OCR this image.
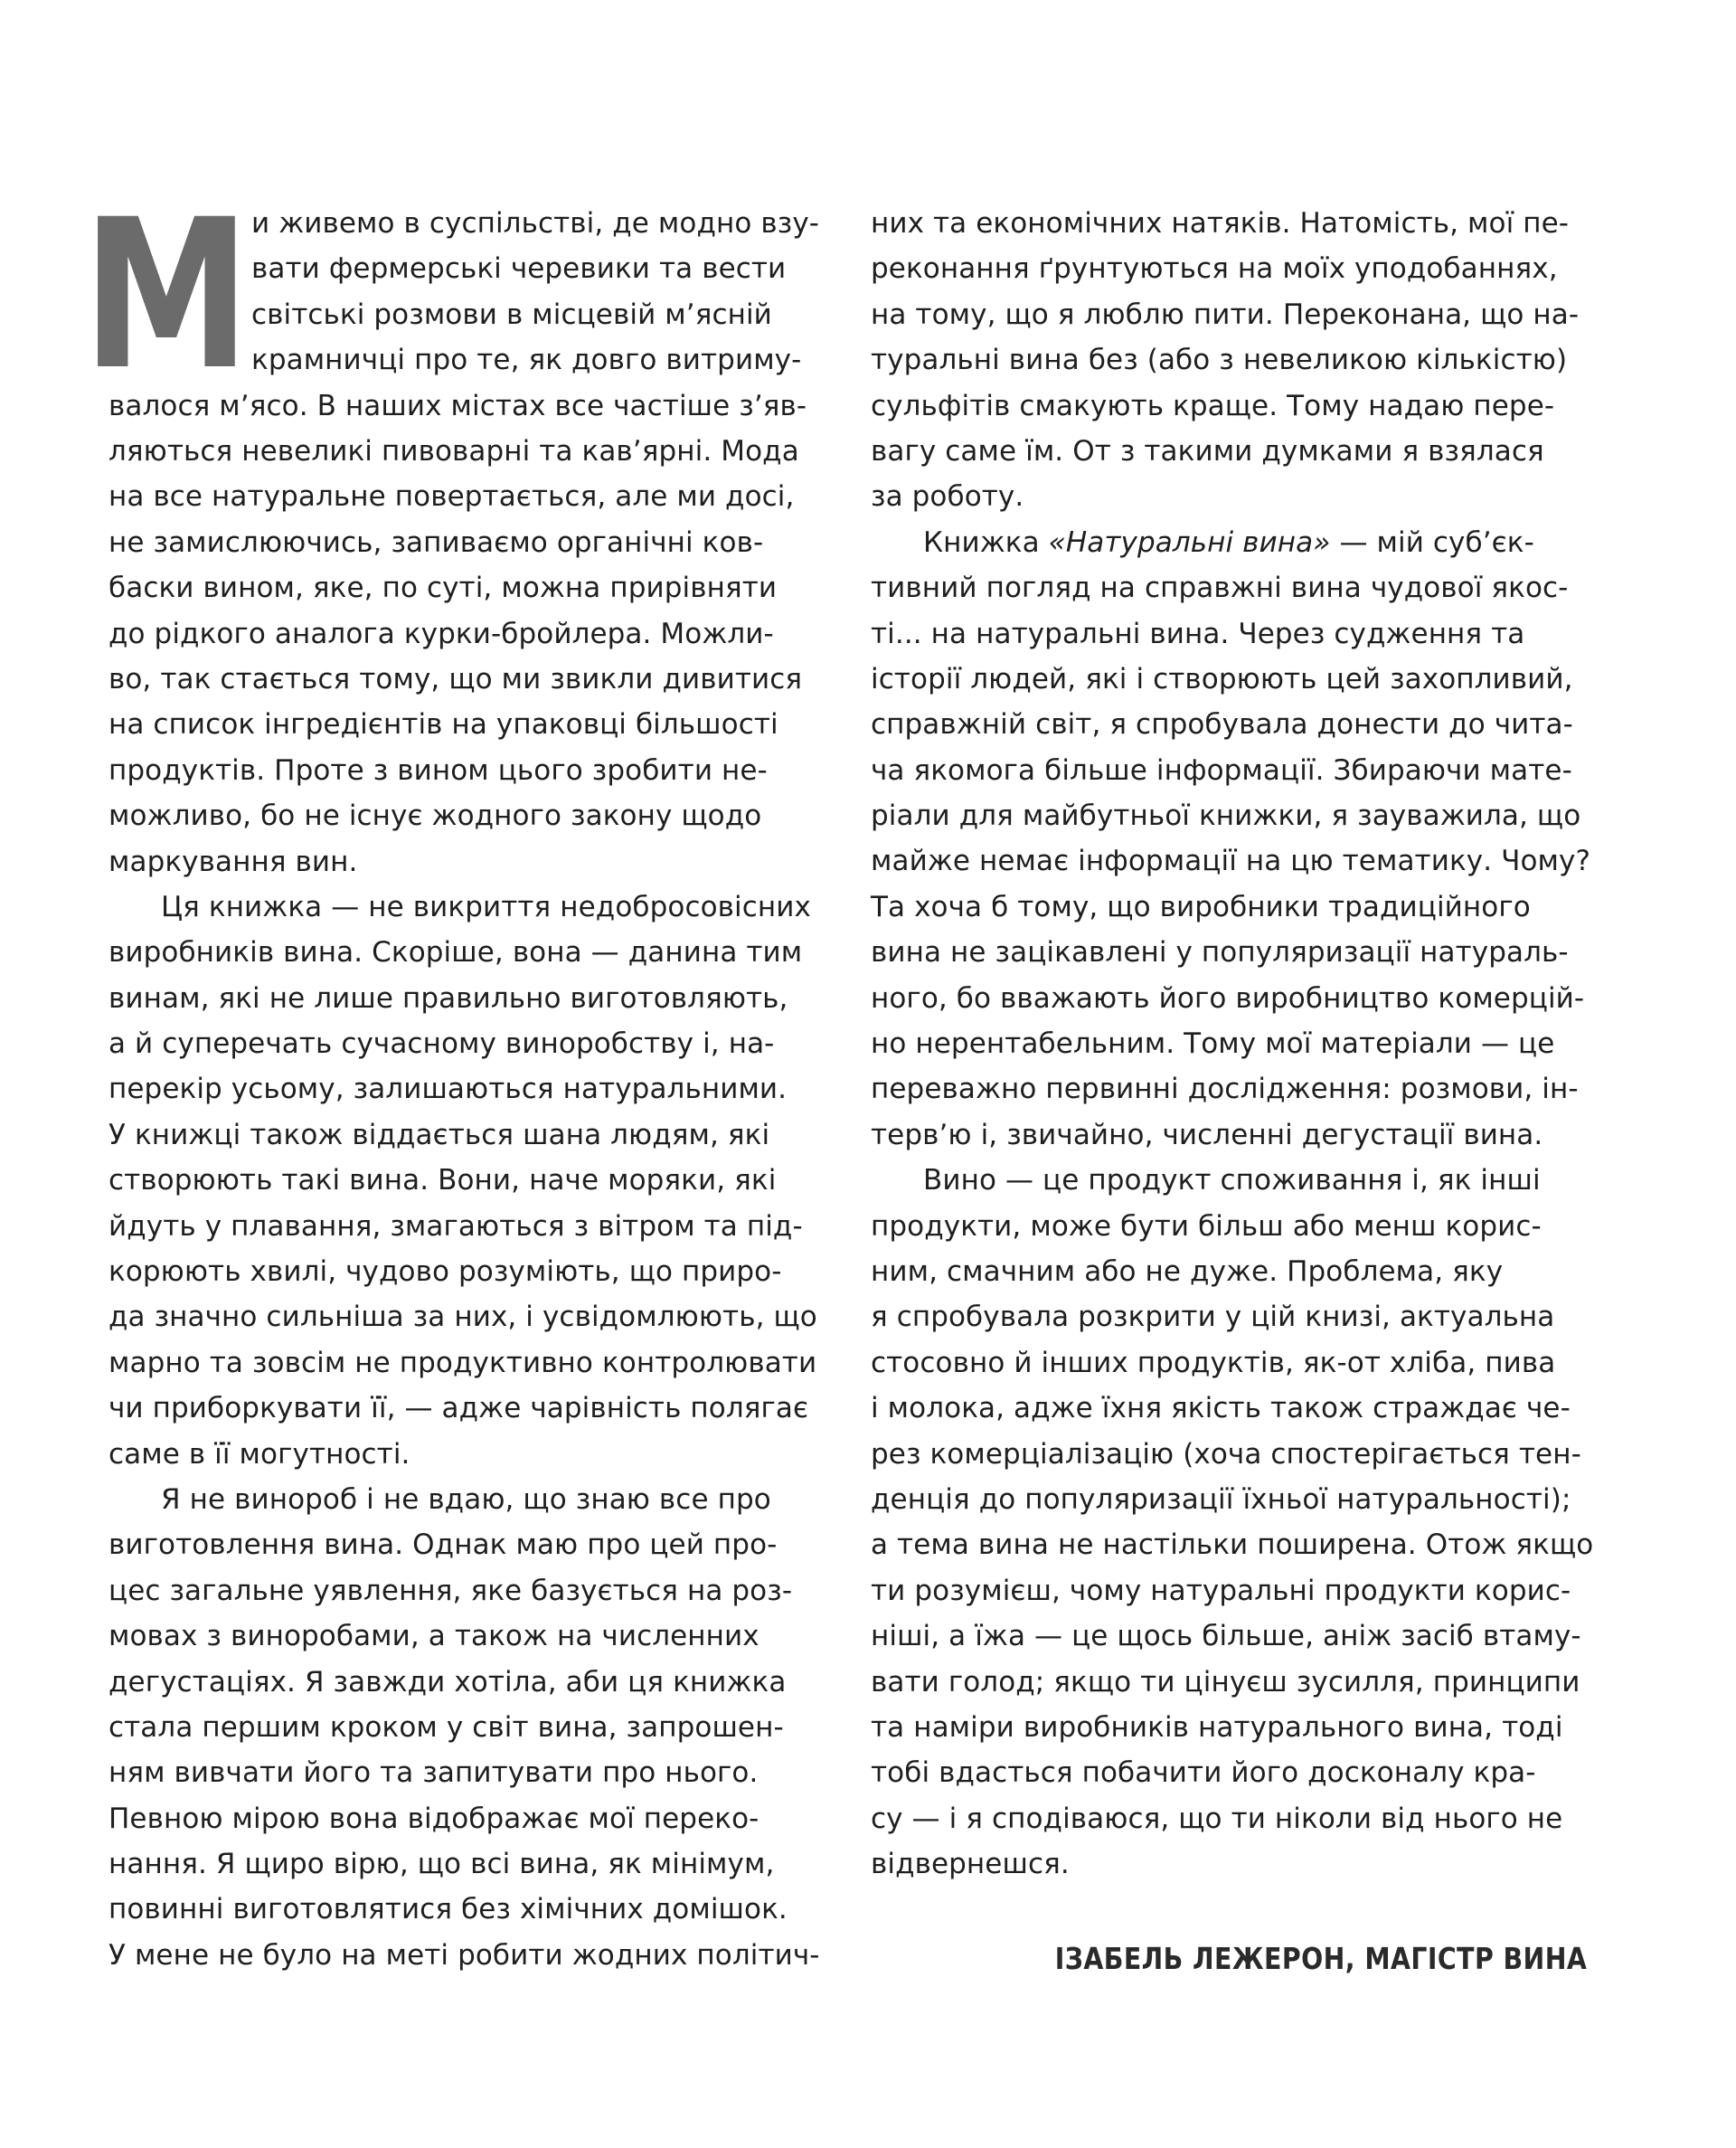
М и живемо в суспільстві, де модно взу-
вати фермерські черевики та вести
світські розмови в місцевій м’ясній
крамничці про те, як довго витриму-
валося м’ясо. В наших містах все частіше з’яв-
ляються невеликі пивоварні та кав’ярні. Мода
на все натуральне повертається, але ми досі,
не замислюючись, запиваємо органічні ков-
баски вином, яке, по суті, можна прирівняти
до рідкого аналога курки-бройлера. Можли-
во, так стається тому, що ми звикли дивитися
на список інгредієнтів на упаковці більшості
продуктів. Проте з вином цього зробити не-
можливо, бо не існує жодного закону щодо
маркування вин.
Ця книжка — не викриття недобросовісних
виробників вина. Скоріше, вона — данина тим
винам, які не лише правильно виготовляють,
а й суперечать сучасному виноробству і, на-
перекір усьому, залишаються натуральними.
У книжці також віддається шана людям, які
створюють такі вина. Вони, наче моряки, які
йдуть у плавання, змагаються з вітром та під-
корюють хвилі, чудово розуміють, що приро-
да значно сильніша за них, і усвідомлюють, що
марно та зовсім не продуктивно контролювати
чи приборкувати її, — адже чарівність полягає
саме в її могутності.
Я не винороб і не вдаю, що знаю все про
виготовлення вина. Однак маю про цей про-
цес загальне уявлення, яке базується на роз-
мовах з виноробами, а також на численних
дегустаціях. Я завжди хотіла, аби ця книжка
стала першим кроком у світ вина, запрошен-
ням вивчати його та запитувати про нього.
Певною мірою вона відображає мої переко-
нання. Я щиро вірю, що всі вина, як мінімум,
повинні виготовлятися без хімічних домішок.
У мене не було на меті робити жодних політич-
них та економічних натяків. Натомість, мої пе-
реконання ґрунтуються на моїх уподобаннях,
на тому, що я люблю пити. Переконана, що на-
туральні вина без (або з невеликою кількістю)
сульфітів смакують краще. Тому надаю пере-
вагу саме їм. От з такими думками я взялася
за роботу.
Книжка «Натуральні вина» — мій суб’єк-
тивний погляд на справжні вина чудової якос-
ті... на натуральні вина. Через судження та
історії людей, які і створюють цей захопливий,
справжній світ, я спробувала донести до чита-
ча якомога більше інформації. Збираючи мате-
ріали для майбутньої книжки, я зауважила, що
майже немає інформації на цю тематику. Чому?
Та хоча б тому, що виробники традиційного
вина не зацікавлені у популяризації натураль-
ного, бо вважають його виробництво комерцій-
но нерентабельним. Тому мої матеріали — це
переважно первинні дослідження: розмови, ін-
терв’ю і, звичайно, численні дегустації вина.
Вино — це продукт споживання і, як інші
продукти, може бути більш або менш корис-
ним, смачним або не дуже. Проблема, яку
я спробувала розкрити у цій книзі, актуальна
стосовно й інших продуктів, як-от хліба, пива
і молока, адже їхня якість також страждає че-
рез комерціалізацію (хоча спостерігається тен-
денція до популяризації їхньої натуральності);
а тема вина не настільки поширена. Отож якщо
ти розумієш, чому натуральні продукти корис-
ніші, а їжа — це щось більше, аніж засіб втаму-
вати голод; якщо ти цінуєш зусилля, принципи
та наміри виробників натурального вина, тоді
тобі вдасться побачити його досконалу кра-
су — і я сподіваюся, що ти ніколи від нього не
відвернешся.
ІЗАБЕЛЬ ЛЕЖЕРОН, МАГІСТР ВИНА
